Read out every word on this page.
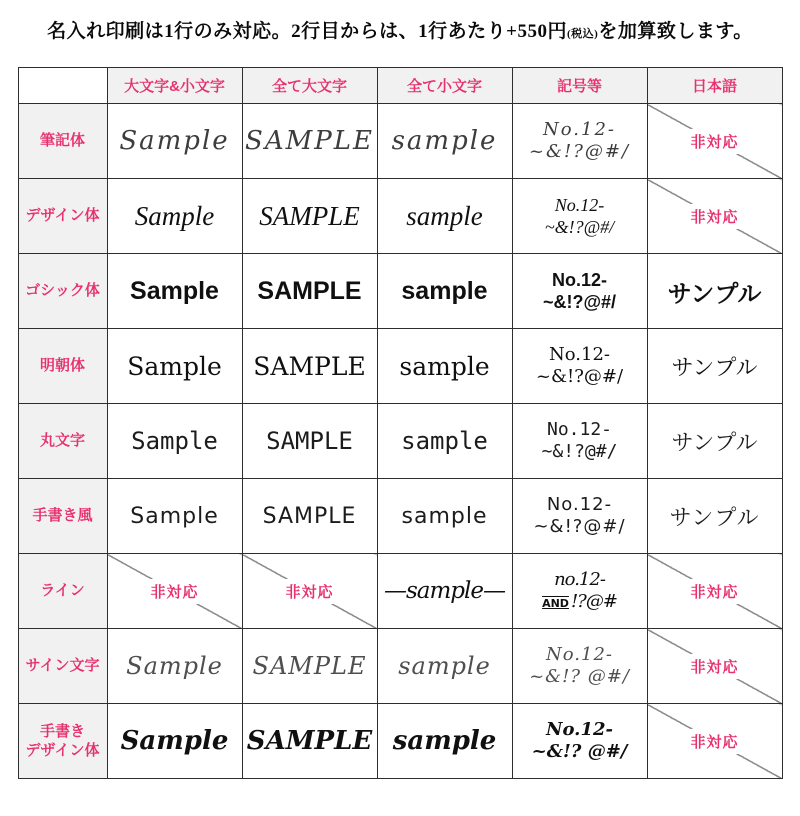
名入れ印刷は1行のみ対応。2行目からは、1行あたり+550円(税込)を加算致します。
	大文字&小文字	全て大文字	全て小文字	記号等	日本語
筆記体	Sample	SAMPLE	sample	No.12-
~&!?@#/	非対応
デザイン体	Sample	SAMPLE	sample	No.12-
~&!?@#/	非対応
ゴシック体	Sample	SAMPLE	sample	No.12-
~&!?@#/	サンプル
明朝体	Sample	SAMPLE	sample	No.12-
~&!?@#/	サンプル
丸文字	Sample	SAMPLE	sample	No.12-
~&!?@#/	サンプル
手書き風	Sample	SAMPLE	sample	No.12-
~&!?@#/	サンプル
ライン	非対応	非対応	—sample—	no.12-
AND !?@#	非対応
サイン文字	Sample	SAMPLE	sample	No.12-
~&!? @#/	非対応

手書き
デザイン体	Sample	SAMPLE	sample	No.12-
~&!? @#/	非対応
